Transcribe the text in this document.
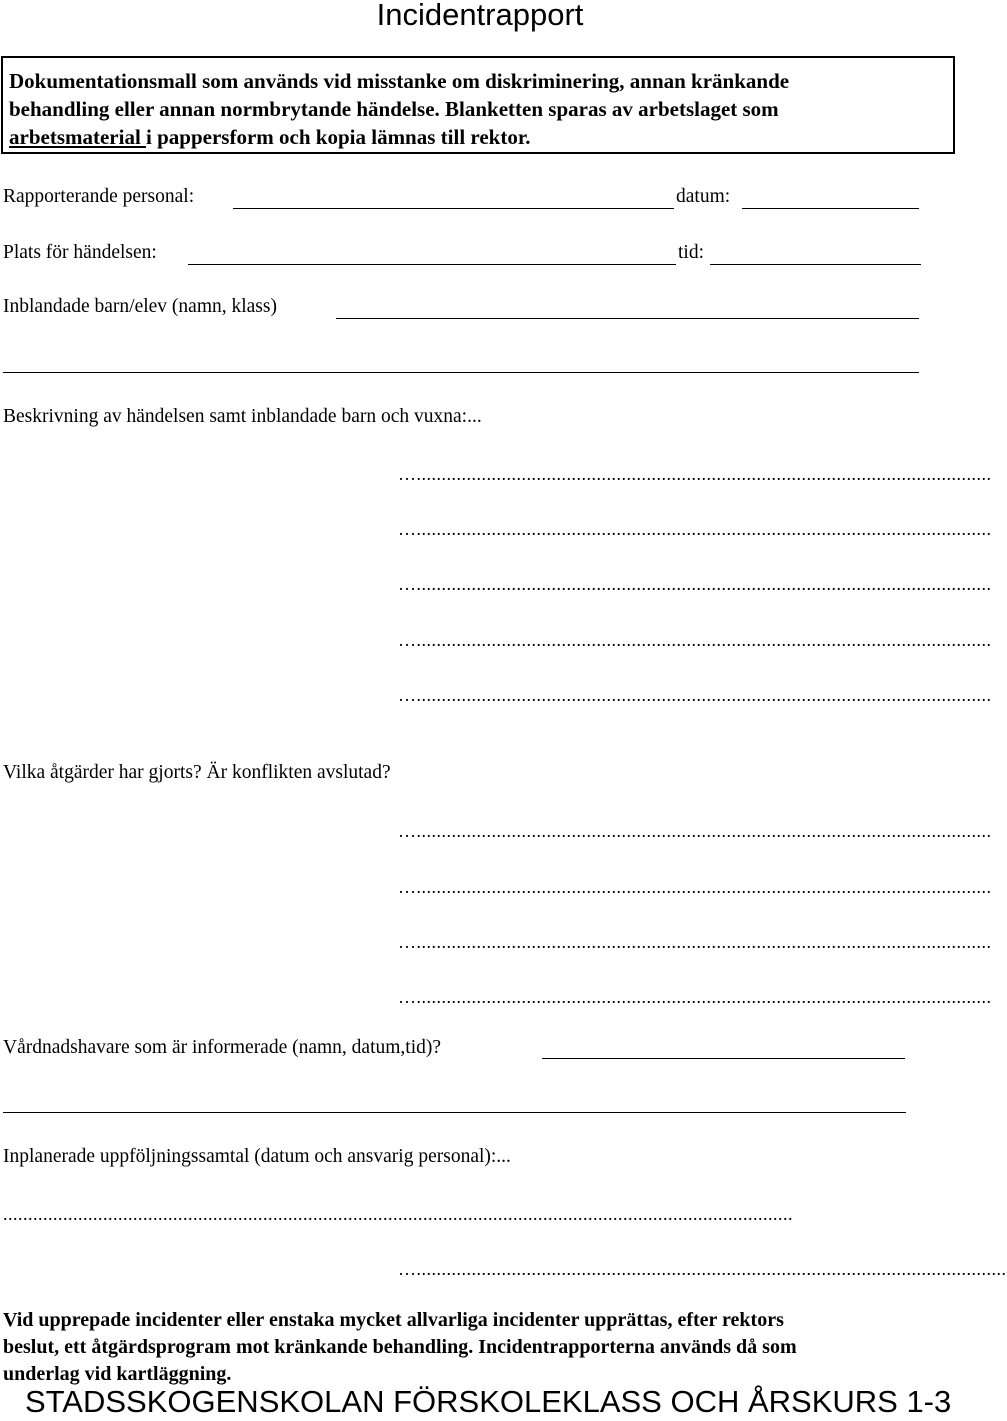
Incidentrapport
Dokumentationsmall som används vid misstanke om diskriminering, annan kränkande
behandling eller annan normbrytande händelse. Blanketten sparas av arbetslaget som
arbetsmaterial i pappersform och kopia lämnas till rektor.
Rapporterande personal:	datum:
Plats för händelsen:	tid:
Inblandade barn/elev (namn, klass)
Beskrivning av händelsen samt inblandade barn och vuxna:...
…...................................................................................................................
…...................................................................................................................
…...................................................................................................................
…...................................................................................................................
…...................................................................................................................
Vilka åtgärder har gjorts? Är konflikten avslutad?
…...................................................................................................................
…...................................................................................................................
…...................................................................................................................
…...................................................................................................................
Vårdnadshavare som är informerade (namn, datum,tid)?
Inplanerade uppföljningssamtal (datum och ansvarig personal):...
..............................................................................................................................................................
…......................................................................................................................
Vid upprepade incidenter eller enstaka mycket allvarliga incidenter upprättas, efter rektors
beslut, ett åtgärdsprogram mot kränkande behandling. Incidentrapporterna används då som
underlag vid kartläggning.
STADSSKOGENSKOLAN FÖRSKOLEKLASS OCH ÅRSKURS 1-3
